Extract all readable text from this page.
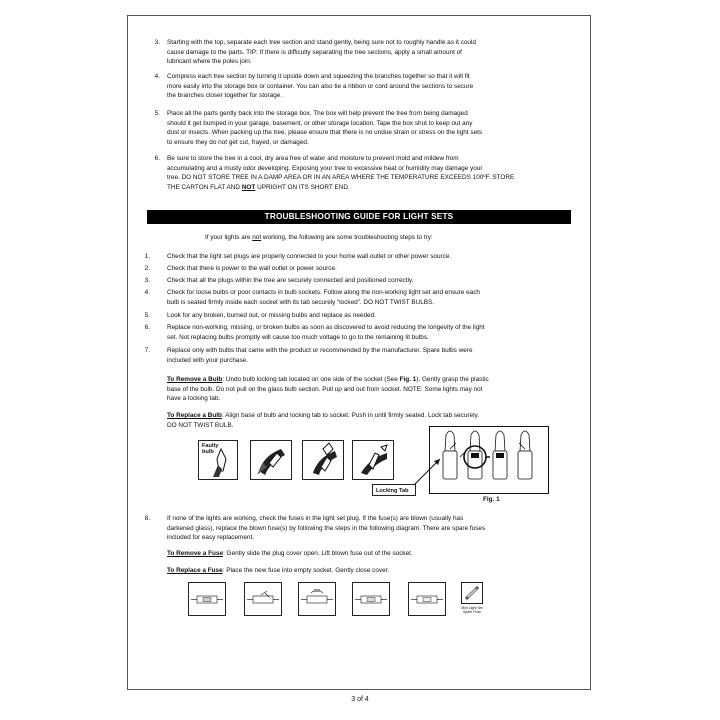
3. Starting with the top, separate each tree section and stand gently, being sure not to roughly handle as it could
cause damage to the parts. TIP: If there is difficulty separating the tree sections, apply a small amount of
lubricant where the poles join.
4. Compress each tree section by turning it upside down and squeezing the branches together so that it will fit
more easily into the storage box or container. You can also tie a ribbon or cord around the sections to secure
the branches closer together for storage.
5. Place all the parts gently back into the storage box. The box will help prevent the tree from being damaged
should it get bumped in your garage, basement, or other storage location. Tape the box shut to keep out any
dust or insects. When packing up the tree, please ensure that there is no undue strain or stress on the light sets
to ensure they do not get cut, frayed, or damaged.
6. Be sure to store the tree in a cool, dry area free of water and moisture to prevent mold and mildew from
accumulating and a musty odor developing. Exposing your tree to excessive heat or humidity may damage your
tree. DO NOT STORE TREE IN A DAMP AREA OR IN AN AREA WHERE THE TEMPERATURE EXCEEDS 100ºF. STORE
THE CARTON FLAT AND NOT UPRIGHT ON ITS SHORT END.
TROUBLESHOOTING GUIDE FOR LIGHT SETS
If your lights are not working, the following are some troubleshooting steps to try:
1.	Check that the light set plugs are properly connected to your home wall outlet or other power source.
2.	Check that there is power to the wall outlet or power source.
3.	Check that all the plugs within the tree are securely connected and positioned correctly.
4.	Check for loose bulbs or poor contacts in bulb sockets. Follow along the non-working light set and ensure each
bulb is seated firmly inside each socket with its tab securely “locked”. DO NOT TWIST BULBS.
5.	Look for any broken, burned out, or missing bulbs and replace as needed.
6.	Replace non-working, missing, or broken bulbs as soon as discovered to avoid reducing the longevity of the light
set. Not replacing bulbs promptly will cause too much voltage to go to the remaining lit bulbs.
7.	Replace only with bulbs that came with the product or recommended by the manufacturer. Spare bulbs were
included with your purchase.
To Remove a Bulb: Undo bulb locking tab located on one side of the socket (See Fig. 1). Gently grasp the plastic
base of the bulb. Do not pull on the glass bulb section. Pull up and out from socket. NOTE: Some lights may not
have a locking tab.
To Replace a Bulb: Align base of bulb and locking tab to socket. Push in until firmly seated. Lock tab securely.
DO NOT TWIST BULB.
Faulty bulb
Locking Tab
Fig. 1
8.	If none of the lights are working, check the fuses in the light set plug. If the fuse(s) are blown (usually has
darkened glass), replace the blown fuse(s) by following the steps in the following diagram. There are spare fuses
included for easy replacement.
To Remove a Fuse: Gently slide the plug cover open. Lift blown fuse out of the socket.
To Replace a Fuse: Place the new fuse into empty socket. Gently close cover.
Mini Light Set
Spare Fuse
3 of 4
